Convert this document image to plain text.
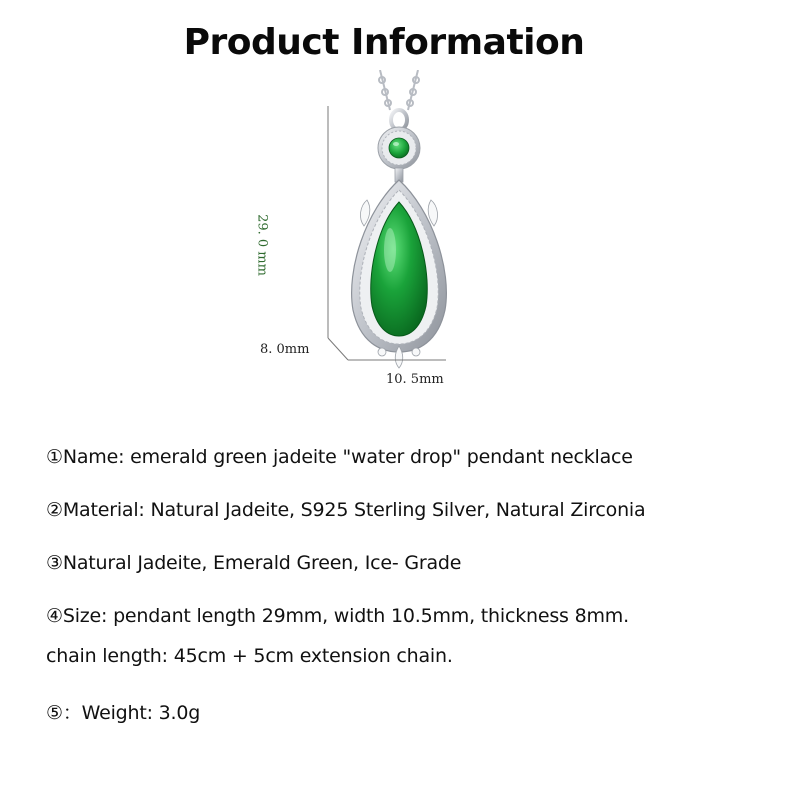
Product Information
29. 0 mm
8. 0mm
10. 5mm
①Name: emerald green jadeite "water drop" pendant necklace
②Material: Natural Jadeite, S925 Sterling Silver, Natural Zirconia
③Natural Jadeite, Emerald Green, Ice- Grade
④Size: pendant length 29mm, width 10.5mm, thickness 8mm.
chain length: 45cm + 5cm extension chain.
⑤：Weight: 3.0g
